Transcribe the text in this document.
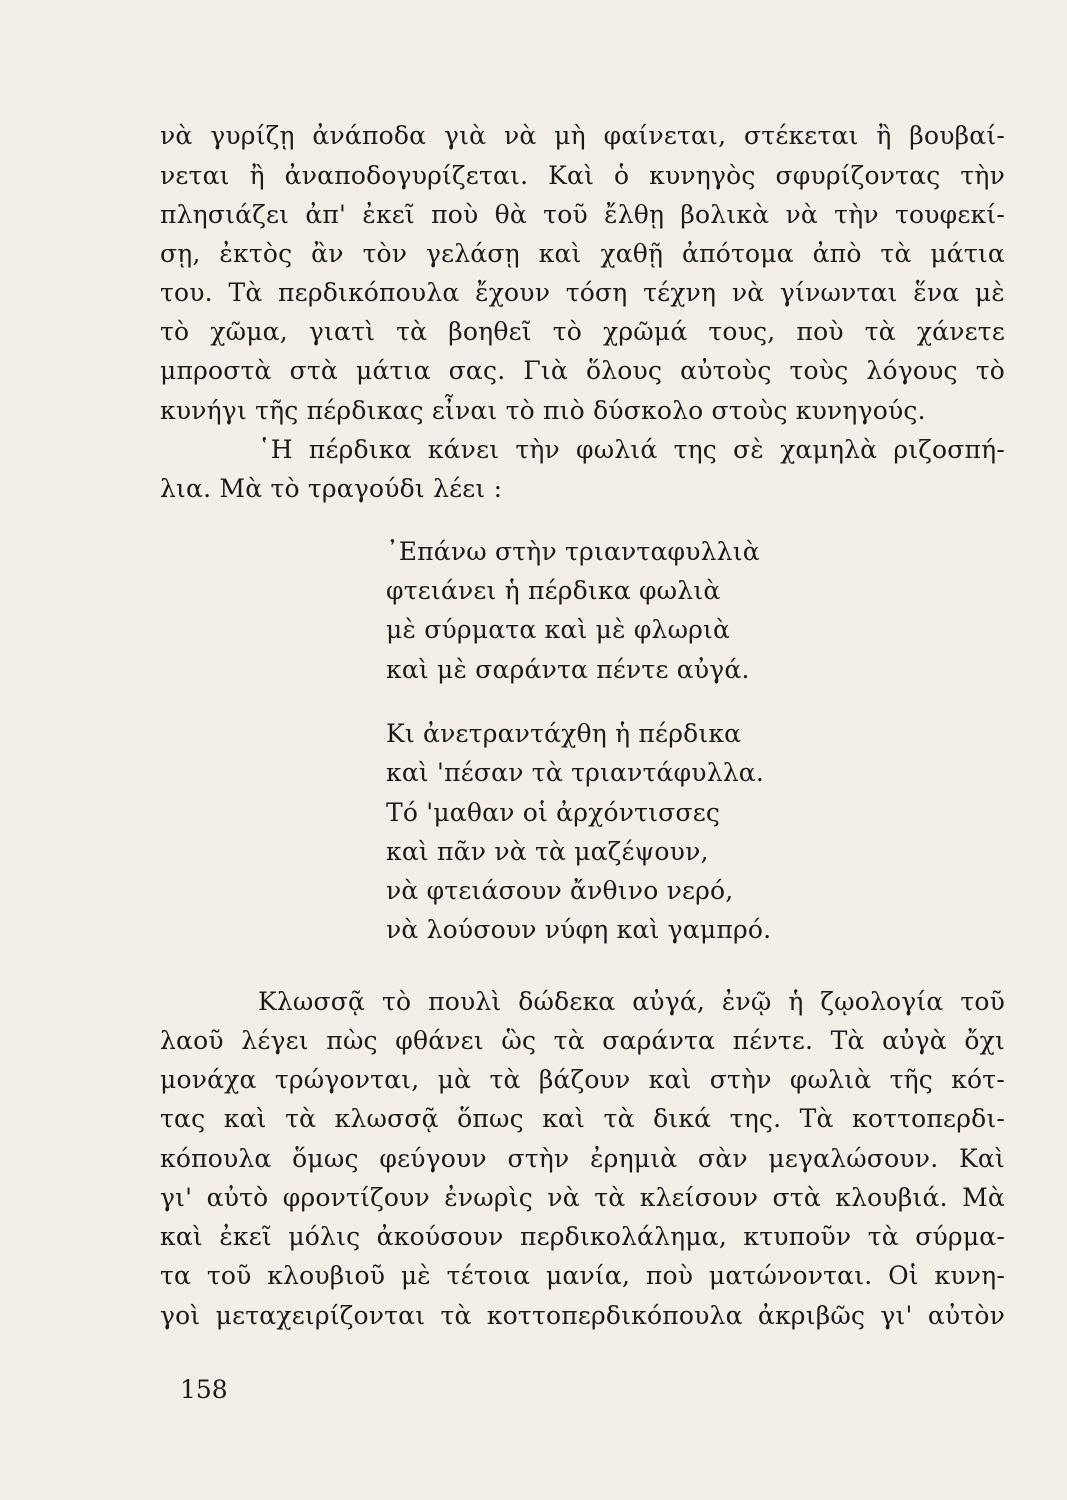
νὰ γυρίζῃ ἀνάποδα γιὰ νὰ μὴ φαίνεται, στέκεται ἢ βουβαί-
νεται ἢ ἀναποδογυρίζεται. Καὶ ὁ κυνηγὸς σφυρίζοντας τὴν
πλησιάζει ἀπ' ἐκεῖ ποὺ θὰ τοῦ ἔλθῃ βολικὰ νὰ τὴν τουφεκί-
σῃ, ἐκτὸς ἂν τὸν γελάσῃ καὶ χαθῇ ἀπότομα ἀπὸ τὰ μάτια
του. Τὰ περδικόπουλα ἔχουν τόση τέχνη νὰ γίνωνται ἕνα μὲ
τὸ χῶμα, γιατὶ τὰ βοηθεῖ τὸ χρῶμά τους, ποὺ τὰ χάνετε
μπροστὰ στὰ μάτια σας. Γιὰ ὅλους αὐτοὺς τοὺς λόγους τὸ
κυνήγι τῆς πέρδικας εἶναι τὸ πιὸ δύσκολο στοὺς κυνηγούς.
῾Η πέρδικα κάνει τὴν φωλιά της σὲ χαμηλὰ ριζοσπή-
λια. Μὰ τὸ τραγούδι λέει :
᾿Επάνω στὴν τριανταφυλλιὰ
φτειάνει ἡ πέρδικα φωλιὰ
μὲ σύρματα καὶ μὲ φλωριὰ
καὶ μὲ σαράντα πέντε αὐγά.
Κι ἀνετραντάχθη ἡ πέρδικα
καὶ 'πέσαν τὰ τριαντάφυλλα.
Τό 'μαθαν οἱ ἀρχόντισσες
καὶ πᾶν νὰ τὰ μαζέψουν,
νὰ φτειάσουν ἄνθινο νερό,
νὰ λούσουν νύφη καὶ γαμπρό.
Κλωσσᾷ τὸ πουλὶ δώδεκα αὐγά, ἐνῷ ἡ ζῳολογία τοῦ
λαοῦ λέγει πὼς φθάνει ὣς τὰ σαράντα πέντε. Τὰ αὐγὰ ὄχι
μονάχα τρώγονται, μὰ τὰ βάζουν καὶ στὴν φωλιὰ τῆς κότ-
τας καὶ τὰ κλωσσᾷ ὅπως καὶ τὰ δικά της. Τὰ κοττοπερδι-
κόπουλα ὅμως φεύγουν στὴν ἐρημιὰ σὰν μεγαλώσουν. Καὶ
γι' αὐτὸ φροντίζουν ἐνωρὶς νὰ τὰ κλείσουν στὰ κλουβιά. Μὰ
καὶ ἐκεῖ μόλις ἀκούσουν περδικολάλημα, κτυποῦν τὰ σύρμα-
τα τοῦ κλουβιοῦ μὲ τέτοια μανία, ποὺ ματώνονται. Οἱ κυνη-
γοὶ μεταχειρίζονται τὰ κοττοπερδικόπουλα ἀκριβῶς γι' αὐτὸν
158
